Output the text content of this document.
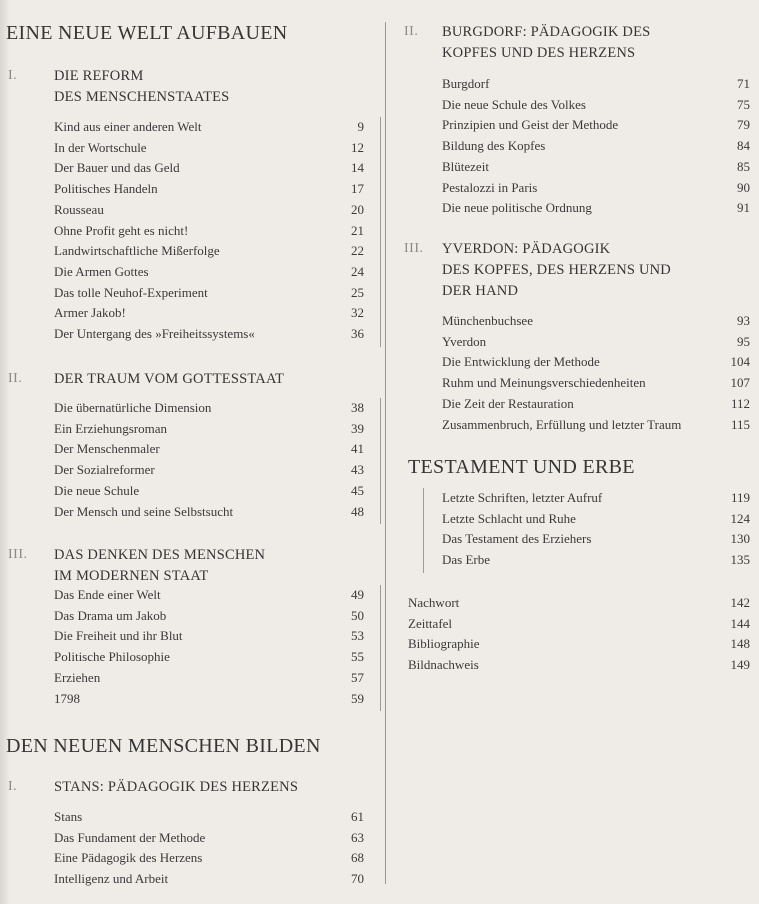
EINE NEUE WELT AUFBAUEN
I.	DIE REFORM
DES MENSCHENSTAATES
Kind aus einer anderen Welt	9
In der Wortschule	12
Der Bauer und das Geld	14
Politisches Handeln	17
Rousseau	20
Ohne Profit geht es nicht!	21
Landwirtschaftliche Mißerfolge	22
Die Armen Gottes	24
Das tolle Neuhof-Experiment	25
Armer Jakob!	32
Der Untergang des »Freiheitssystems«	36
II. DER TRAUM VOM GOTTESSTAAT
Die übernatürliche Dimension	38
Ein Erziehungsroman	39
Der Menschenmaler	41
Der Sozialreformer	43
Die neue Schule	45
Der Mensch und seine Selbstsucht	48
III. DAS DENKEN DES MENSCHEN
IM MODERNEN STAAT
Das Ende einer Welt	49
Das Drama um Jakob	50
Die Freiheit und ihr Blut	53
Politische Philosophie	55
Erziehen	57
1798	59
DEN NEUEN MENSCHEN BILDEN
I.	STANS: PÄDAGOGIK DES HERZENS
Stans	61
Das Fundament der Methode	63
Eine Pädagogik des Herzens	68
Intelligenz und Arbeit	70
II. BURGDORF: PÄDAGOGIK DES
KOPFES UND DES HERZENS
Burgdorf	71
Die neue Schule des Volkes	75
Prinzipien und Geist der Methode	79
Bildung des Kopfes	84
Blütezeit	85
Pestalozzi in Paris	90
Die neue politische Ordnung	91
III. YVERDON: PÄDAGOGIK
DES KOPFES, DES HERZENS UND
DER HAND
Münchenbuchsee	93
Yverdon	95
Die Entwicklung der Methode	104
Ruhm und Meinungsverschiedenheiten	107
Die Zeit der Restauration	112
Zusammenbruch, Erfüllung und letzter Traum	115
TESTAMENT UND ERBE
Letzte Schriften, letzter Aufruf	119
Letzte Schlacht und Ruhe	124
Das Testament des Erziehers	130
Das Erbe	135
Nachwort	142
Zeittafel	144
Bibliographie	148
Bildnachweis	149
